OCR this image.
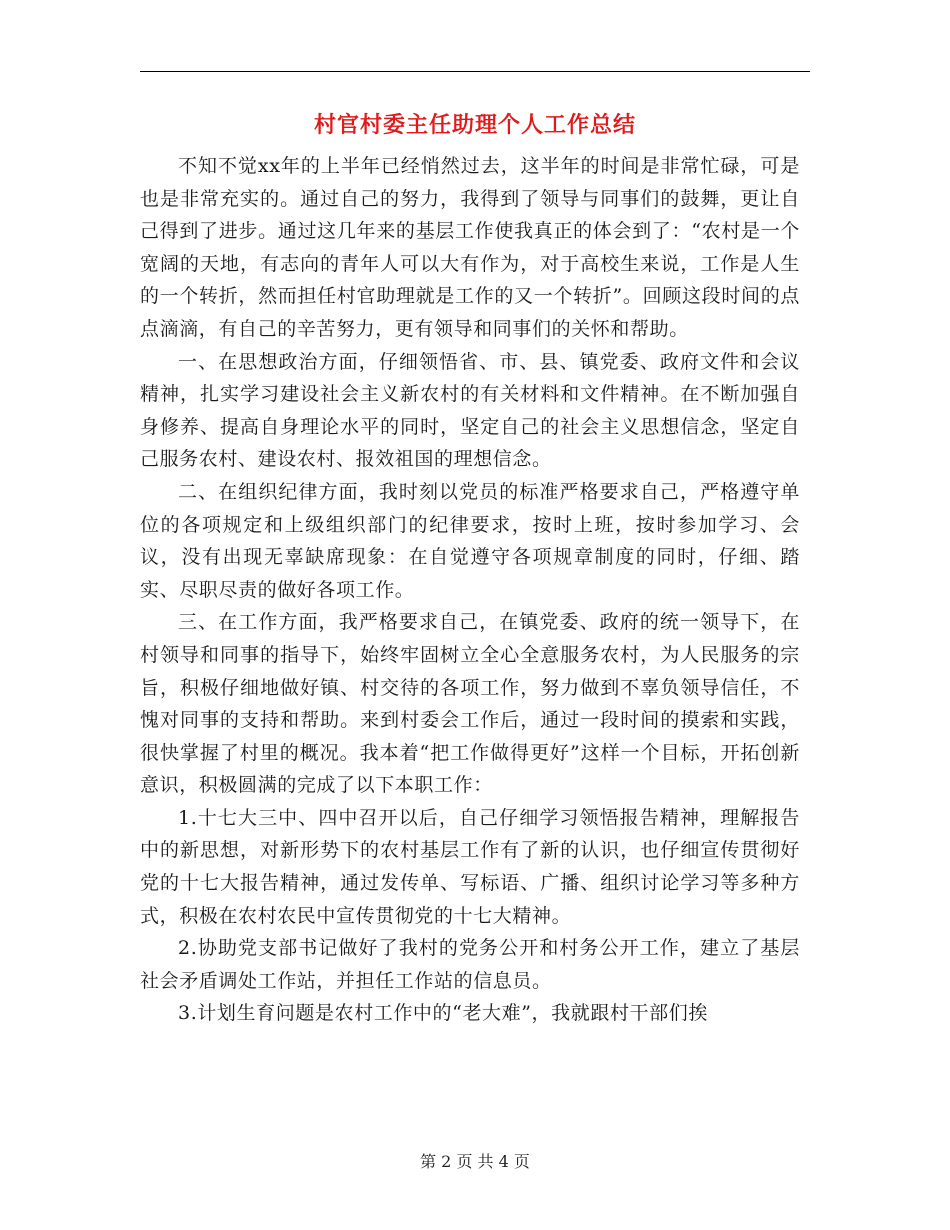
村官村委主任助理个人工作总结

不知不觉xx年的上半年已经悄然过去，这半年的时间是非常忙碌，可是也是非常充实的。通过自己的努力，我得到了领导与同事们的鼓舞，更让自己得到了进步。通过这几年来的基层工作使我真正的体会到了：“农村是一个宽阔的天地，有志向的青年人可以大有作为，对于高校生来说，工作是人生的一个转折，然而担任村官助理就是工作的又一个转折”。回顾这段时间的点点滴滴，有自己的辛苦努力，更有领导和同事们的关怀和帮助。

一、在思想政治方面，仔细领悟省、市、县、镇党委、政府文件和会议精神，扎实学习建设社会主义新农村的有关材料和文件精神。在不断加强自身修养、提高自身理论水平的同时，坚定自己的社会主义思想信念，坚定自己服务农村、建设农村、报效祖国的理想信念。

二、在组织纪律方面，我时刻以党员的标准严格要求自己，严格遵守单位的各项规定和上级组织部门的纪律要求，按时上班，按时参加学习、会议，没有出现无辜缺席现象：在自觉遵守各项规章制度的同时，仔细、踏实、尽职尽责的做好各项工作。

三、在工作方面，我严格要求自己，在镇党委、政府的统一领导下，在村领导和同事的指导下，始终牢固树立全心全意服务农村，为人民服务的宗旨，积极仔细地做好镇、村交待的各项工作，努力做到不辜负领导信任，不愧对同事的支持和帮助。来到村委会工作后，通过一段时间的摸索和实践，很快掌握了村里的概况。我本着“把工作做得更好”这样一个目标，开拓创新意识，积极圆满的完成了以下本职工作：

1.十七大三中、四中召开以后，自己仔细学习领悟报告精神，理解报告中的新思想，对新形势下的农村基层工作有了新的认识，也仔细宣传贯彻好党的十七大报告精神，通过发传单、写标语、广播、组织讨论学习等多种方式，积极在农村农民中宣传贯彻党的十七大精神。

2.协助党支部书记做好了我村的党务公开和村务公开工作，建立了基层社会矛盾调处工作站，并担任工作站的信息员。

3.计划生育问题是农村工作中的“老大难”，我就跟村干部们挨

第 2 页 共 4 页
